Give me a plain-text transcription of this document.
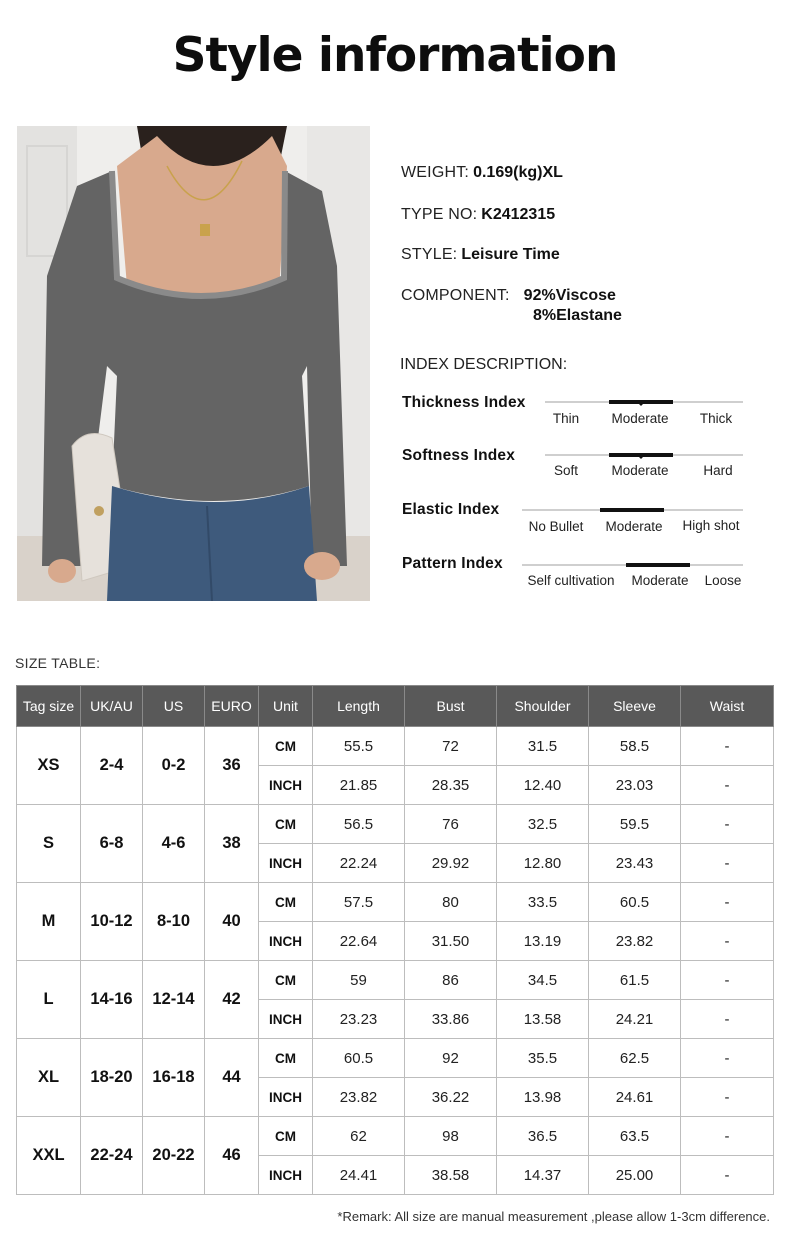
Style information
WEIGHT: 0.169(kg)XL
TYPE NO: K2412315
STYLE: Leisure Time
COMPONENT: 92%Viscose
8%Elastane
INDEX DESCRIPTION:
Thickness Index
Thin	Moderate	Thick
Softness Index
Soft	Moderate	Hard
Elastic Index
No Bullet	Moderate	High shot
Pattern Index
Self cultivation	Moderate	Loose
SIZE TABLE:
Tag size	UK/AU	US	EURO	Unit	Length	Bust	Shoulder	Sleeve	Waist
XS	2-4	0-2	36	CM	55.5	72	31.5	58.5	-
				INCH	21.85	28.35	12.40	23.03	-
S	6-8	4-6	38	CM	56.5	76	32.5	59.5	-
				INCH	22.24	29.92	12.80	23.43	-
M	10-12	8-10	40	CM	57.5	80	33.5	60.5	-
				INCH	22.64	31.50	13.19	23.82	-
L	14-16	12-14	42	CM	59	86	34.5	61.5	-
				INCH	23.23	33.86	13.58	24.21	-
XL	18-20	16-18	44	CM	60.5	92	35.5	62.5	-
				INCH	23.82	36.22	13.98	24.61	-
XXL	22-24	20-22	46	CM	62	98	36.5	63.5	-
				INCH	24.41	38.58	14.37	25.00	-
*Remark: All size are manual measurement ,please allow 1-3cm difference.
